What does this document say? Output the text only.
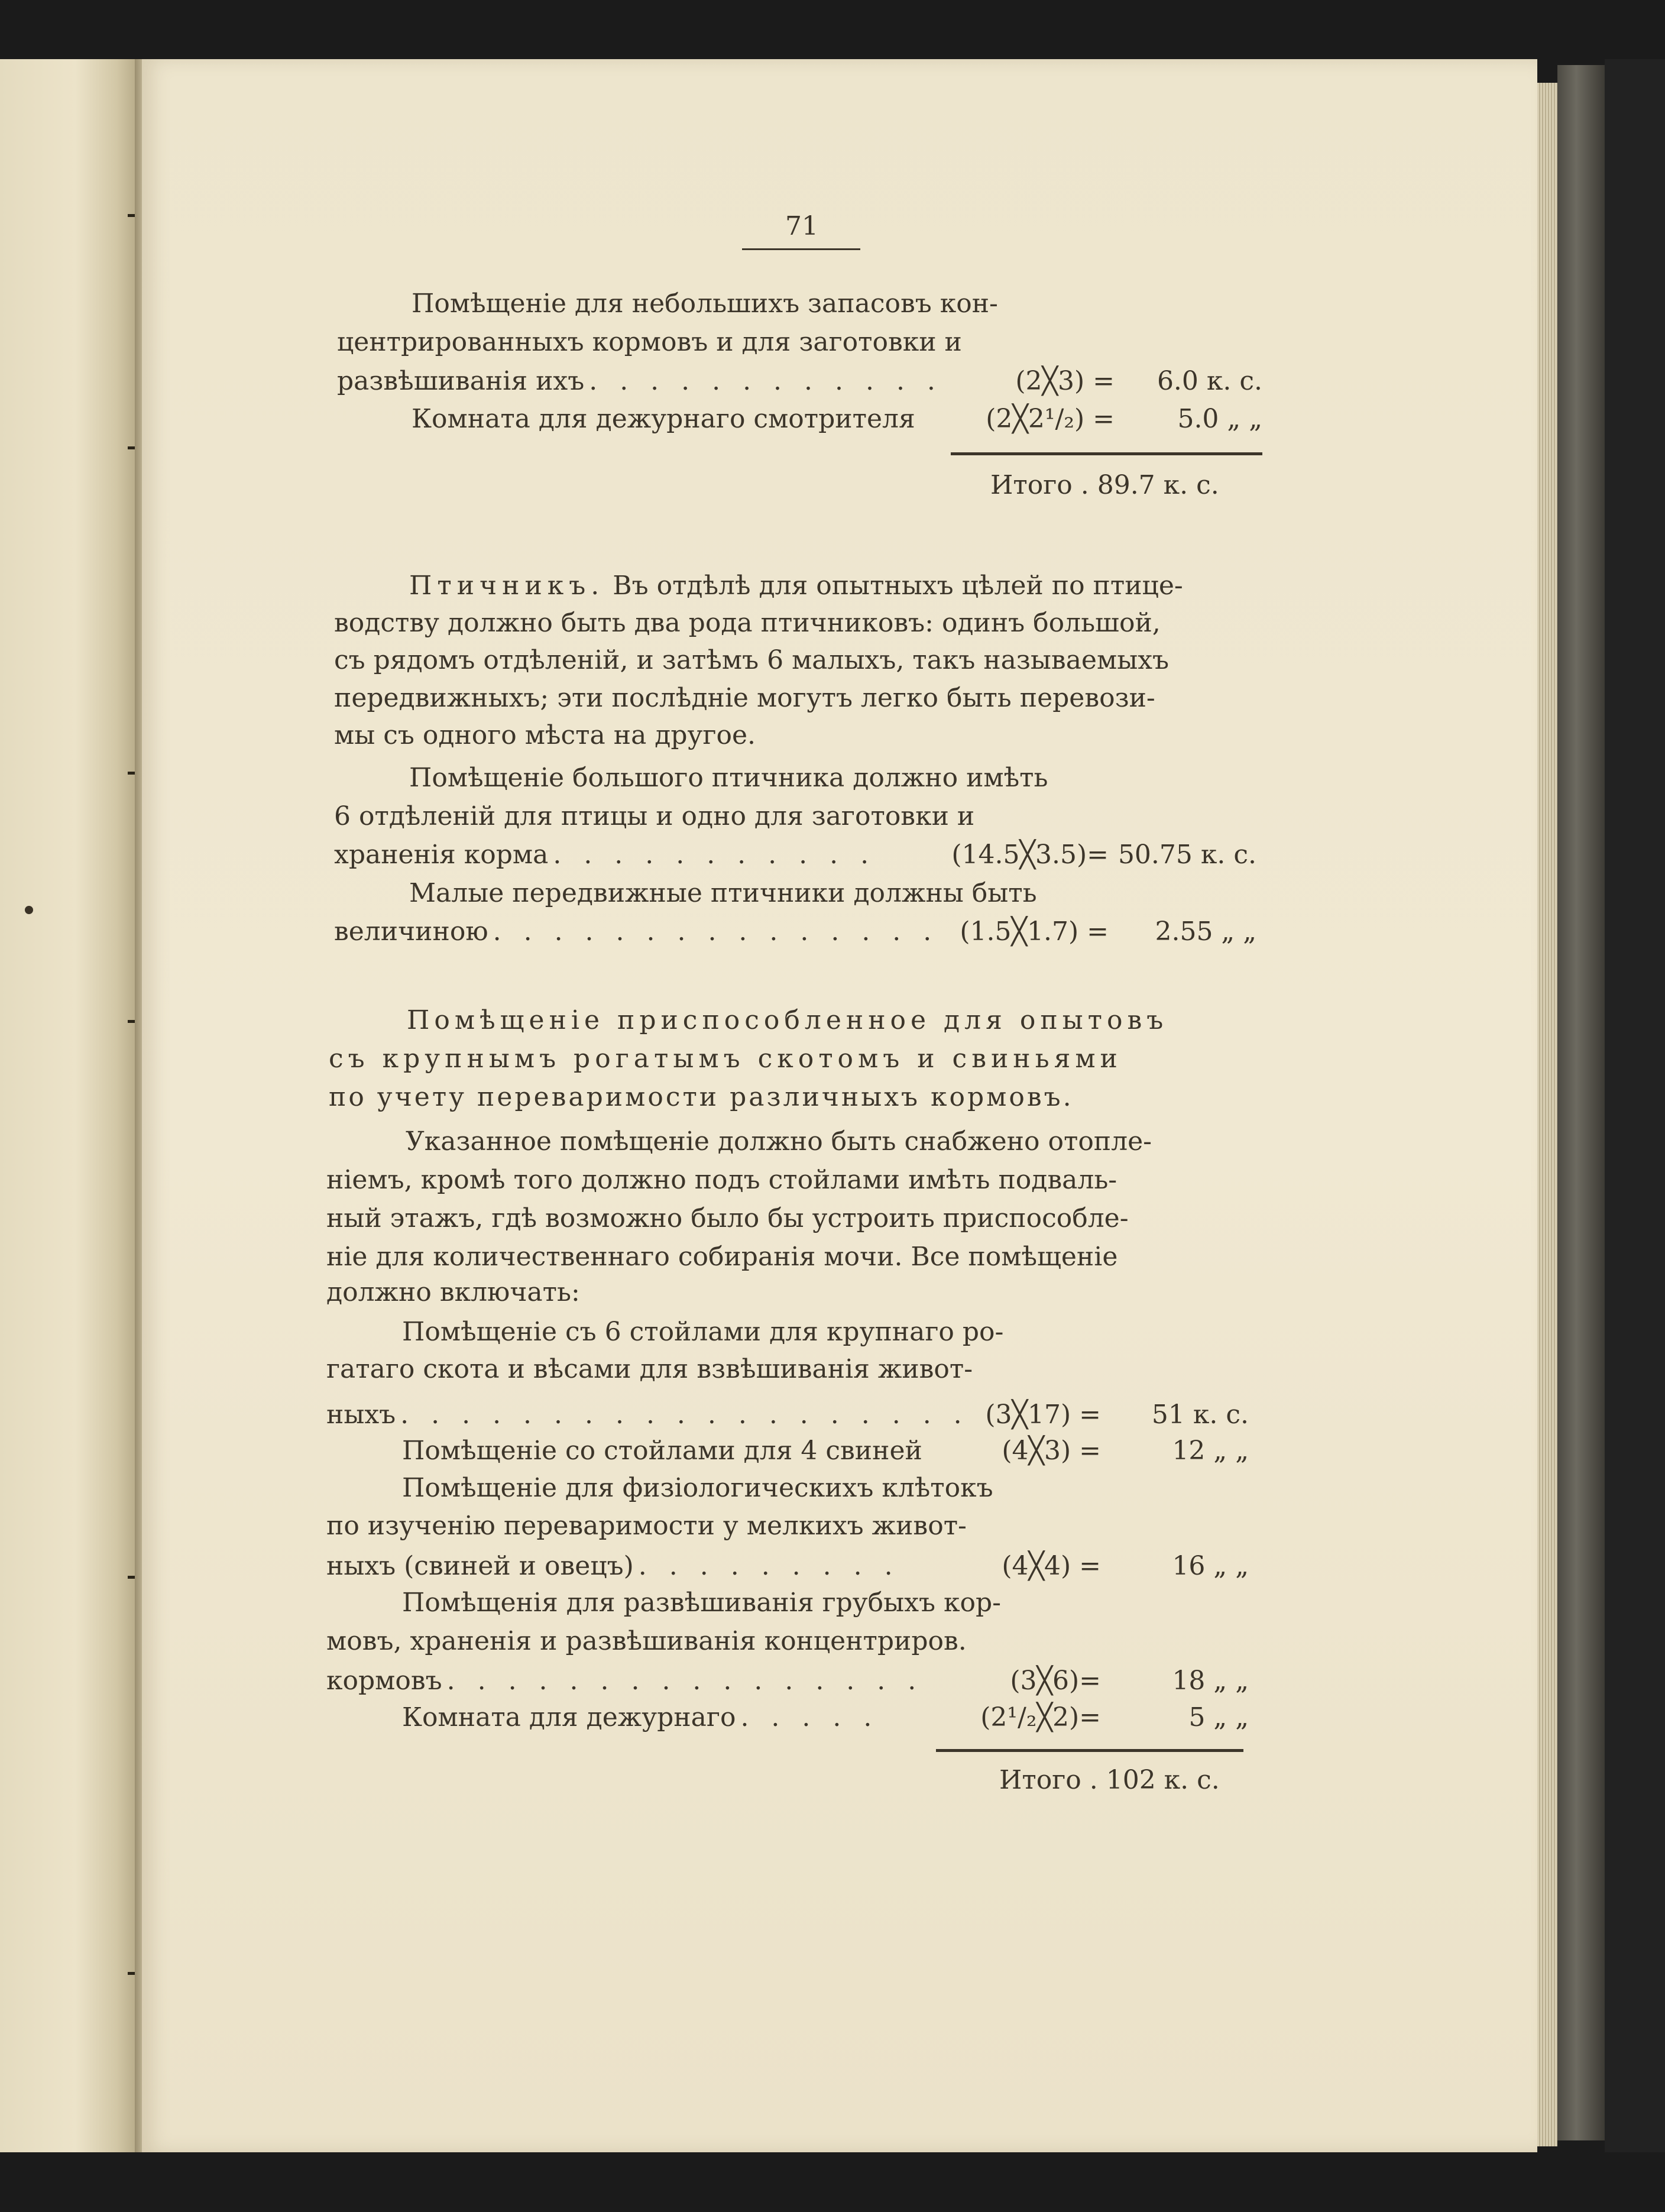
71
Помѣщеніе для небольшихъ запасовъ кон-
центрированныхъ кормовъ и для заготовки и
развѣшиванія ихъ . . . . . . . . . . . .	(2╳3) =	6.0 к. с.
Комната для дежурнаго смотрителя	(2╳2¹/₂) =	5.0 „ „
Итого . 89.7 к. с.
Птичникъ. Въ отдѣлѣ для опытныхъ цѣлей по птице-
водству должно быть два рода птичниковъ: одинъ большой,
съ рядомъ отдѣленій, и затѣмъ 6 малыхъ, такъ называемыхъ
передвижныхъ; эти послѣдніе могутъ легко быть перевози-
мы съ одного мѣста на другое.
Помѣщеніе большого птичника должно имѣть
6 отдѣленій для птицы и одно для заготовки и
храненія корма . . . . . . . . . . .	(14.5╳3.5)= 50.75 к. с.
Малые передвижные птичники должны быть
величиною . . . . . . . . . . . . . . . (1.5╳1.7) =	2.55 „ „
Помѣщеніе приспособленное для опытовъ
съ крупнымъ рогатымъ скотомъ и свиньями
по учету переваримости различныхъ кормовъ.
Указанное помѣщеніе должно быть снабжено отопле-
ніемъ, кромѣ того должно подъ стойлами имѣть подваль-
ный этажъ, гдѣ возможно было бы устроить приспособле-
ніе для количественнаго собиранія мочи. Все помѣщеніе
должно включать:
Помѣщеніе съ 6 стойлами для крупнаго ро-
гатаго скота и вѣсами для взвѣшиванія живот-
ныхъ . . . . . . . . . . . . . . . . . . . (3╳17) =	51 к. с.
Помѣщеніе со стойлами для 4 свиней	(4╳3) =	12 „ „
Помѣщеніе для физіологическихъ клѣтокъ
по изученію переваримости у мелкихъ живот-
ныхъ (свиней и овецъ) . . . . . . . . .	(4╳4) =	16 „ „
Помѣщенія для развѣшиванія грубыхъ кор-
мовъ, храненія и развѣшиванія концентриров.
кормовъ . . . . . . . . . . . . . . . .	(3╳6)=	18 „ „
Комната для дежурнаго . . . . .	(2¹/₂╳2)=	5 „ „
Итого . 102 к. с.
